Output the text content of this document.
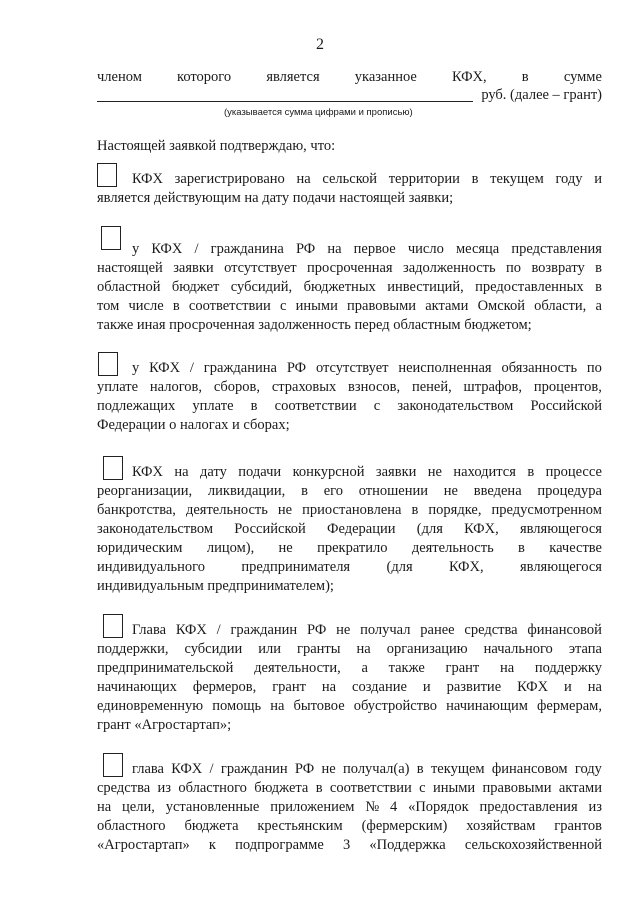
2
членом которого является указанное КФХ, в сумме
руб. (далее – грант)
(указывается сумма цифрами и прописью)
Настоящей заявкой подтверждаю, что:
КФХ зарегистрировано на сельской территории в текущем году и
является действующим на дату подачи настоящей заявки;
у КФХ / гражданина РФ на первое число месяца представления
настоящей заявки отсутствует просроченная задолженность по возврату в
областной бюджет субсидий, бюджетных инвестиций, предоставленных в
том числе в соответствии с иными правовыми актами Омской области, а
также иная просроченная задолженность перед областным бюджетом;
у КФХ / гражданина РФ отсутствует неисполненная обязанность по
уплате налогов, сборов, страховых взносов, пеней, штрафов, процентов,
подлежащих уплате в соответствии с законодательством Российской
Федерации о налогах и сборах;
КФХ на дату подачи конкурсной заявки не находится в процессе
реорганизации, ликвидации, в его отношении не введена процедура
банкротства, деятельность не приостановлена в порядке, предусмотренном
законодательством Российской Федерации (для КФХ, являющегося
юридическим лицом), не прекратило деятельность в качестве
индивидуального	предпринимателя	(для	КФХ,	являющегося
индивидуальным предпринимателем);
Глава КФХ / гражданин РФ не получал ранее средства финансовой
поддержки, субсидии или гранты на организацию начального этапа
предпринимательской деятельности, а также грант на поддержку
начинающих фермеров, грант на создание и развитие КФХ и на
единовременную помощь на бытовое обустройство начинающим фермерам,
грант «Агростартап»;
глава КФХ / гражданин РФ не получал(а) в текущем финансовом году
средства из областного бюджета в соответствии с иными правовыми актами
на цели, установленные приложением № 4 «Порядок предоставления из
областного бюджета крестьянским (фермерским) хозяйствам грантов
«Агростартап» к подпрограмме 3 «Поддержка сельскохозяйственной
